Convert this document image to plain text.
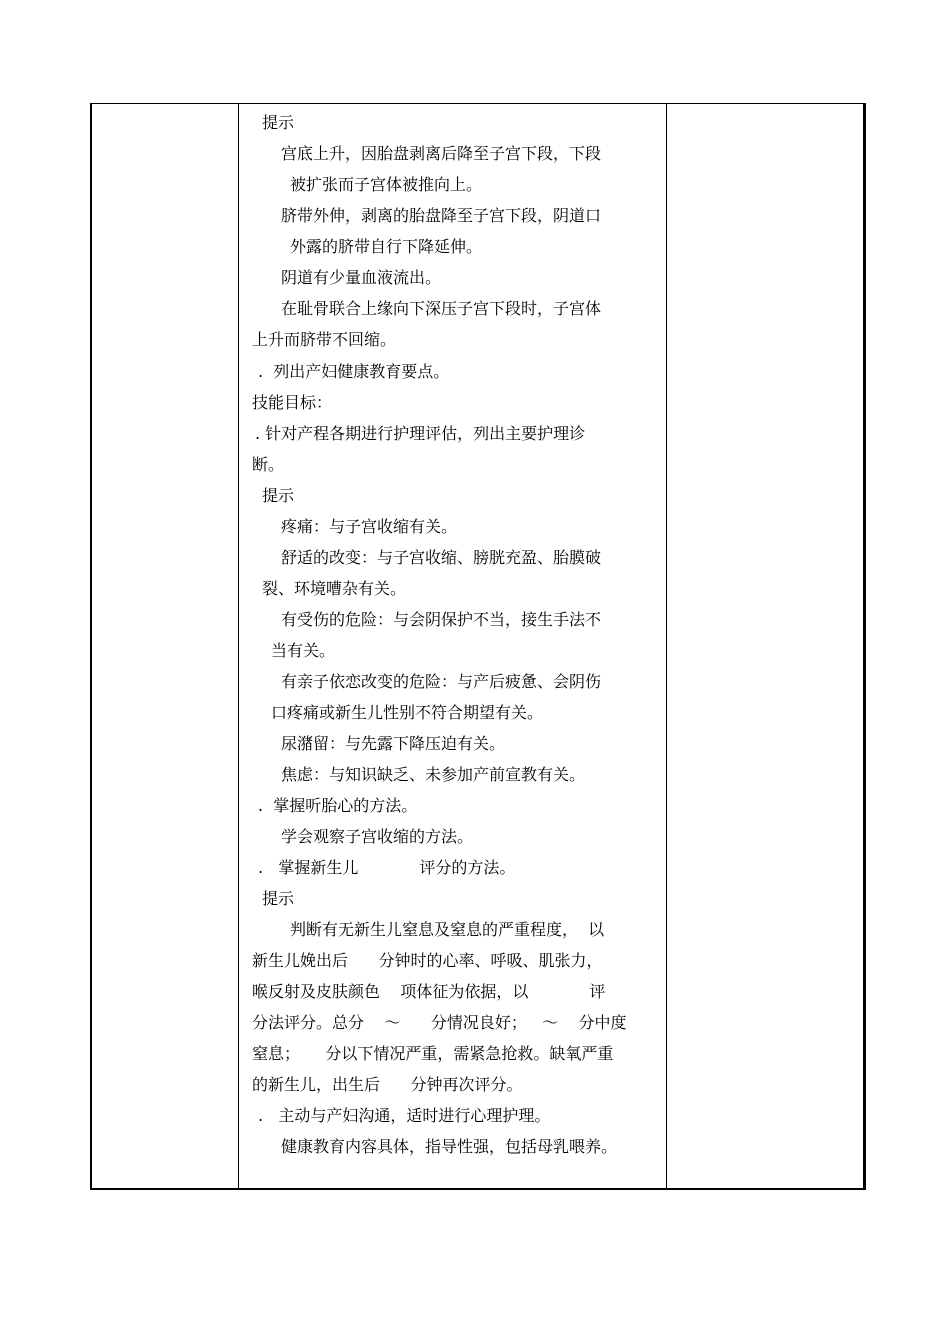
提示
宫底上升，因胎盘剥离后降至子宫下段，下段
被扩张而子宫体被推向上。
脐带外伸，剥离的胎盘降至子宫下段，阴道口
外露的脐带自行下降延伸。
阴道有少量血液流出。
在耻骨联合上缘向下深压子宫下段时，子宫体
上升而脐带不回缩。
.  列出产妇健康教育要点。
技能目标：
. 针对产程各期进行护理评估，列出主要护理诊
断。
提示
疼痛：与子宫收缩有关。
舒适的改变：与子宫收缩、膀胱充盈、胎膜破
裂、环境嘈杂有关。
有受伤的危险：与会阴保护不当，接生手法不
当有关。
有亲子依恋改变的危险：与产后疲惫、会阴伤
口疼痛或新生儿性别不符合期望有关。
尿潴留：与先露下降压迫有关。
焦虑：与知识缺乏、未参加产前宣教有关。
.  掌握听胎心的方法。
学会观察子宫收缩的方法。
.   掌握新生儿            评分的方法。
提示
判断有无新生儿窒息及窒息的严重程度，  以
新生儿娩出后      分钟时的心率、呼吸、肌张力，
喉反射及皮肤颜色    项体征为依据，以            评
分法评分。总分    ～      分情况良好；   ～    分中度
窒息；     分以下情况严重，需紧急抢救。缺氧严重
的新生儿，出生后      分钟再次评分。
.   主动与产妇沟通，适时进行心理护理。
健康教育内容具体，指导性强，包括母乳喂养。
